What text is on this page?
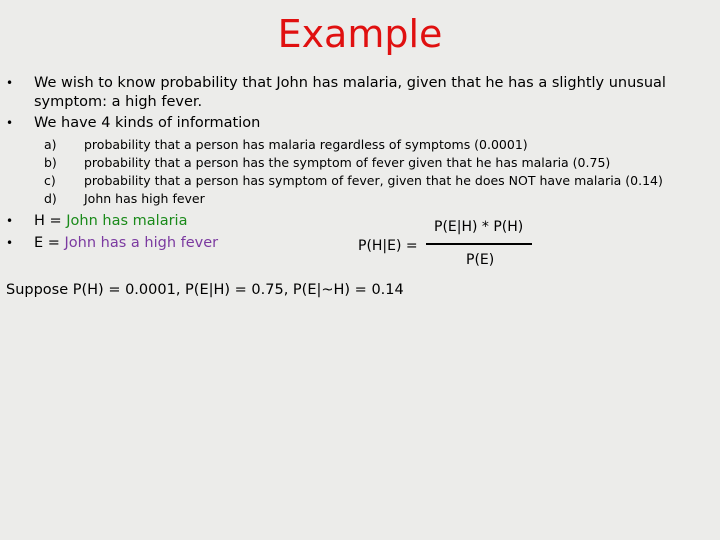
Example
• We wish to know probability that John has malaria, given that he has a slightly unusual
symptom: a high fever.
• We have 4 kinds of information
a) probability that a person has malaria regardless of symptoms (0.0001)
b) probability that a person has the symptom of fever given that he has malaria (0.75)
c) probability that a person has symptom of fever, given that he does NOT have malaria (0.14)
d) John has high fever
• H = John has malaria
• E = John has a high fever	P(H|E) =
P(E|H) * P(H)
P(E)
Suppose P(H) = 0.0001, P(E|H) = 0.75, P(E|~H) = 0.14
